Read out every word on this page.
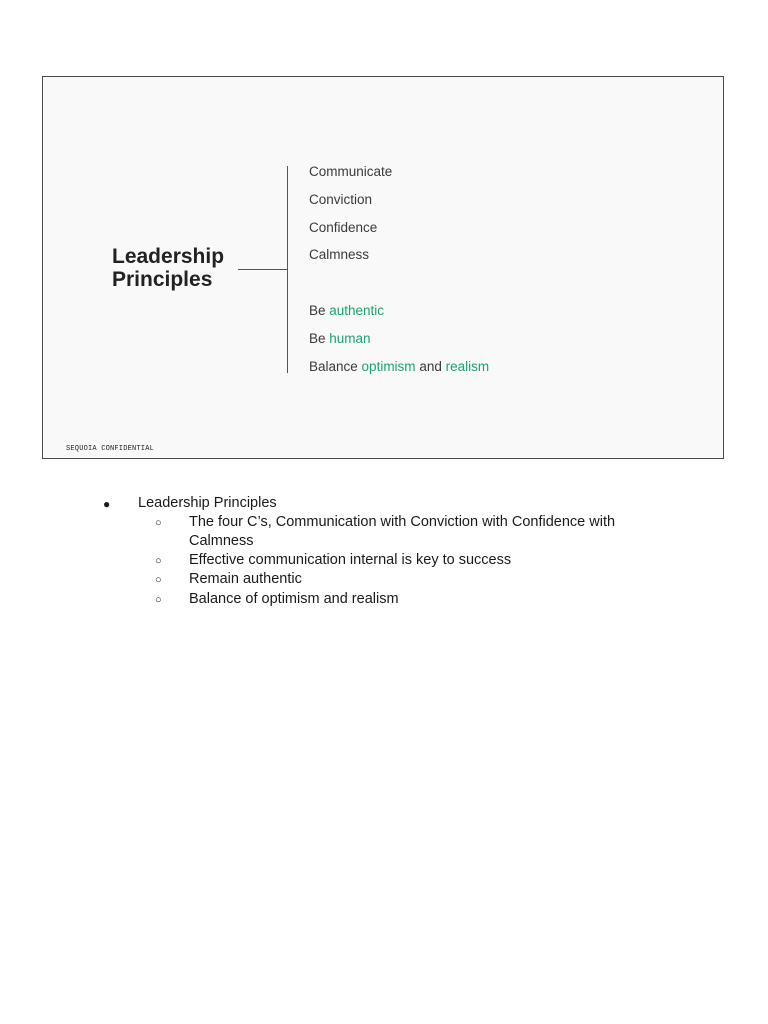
Leadership
Principles

Communicate

Conviction

Confidence

Calmness

Be authentic

Be human

Balance optimism and realism

SEQUOIA CONFIDENTIAL
● Leadership Principles
○ The four C’s, Communication with Conviction with Confidence with
Calmness
○ Effective communication internal is key to success
○ Remain authentic
○ Balance of optimism and realism
